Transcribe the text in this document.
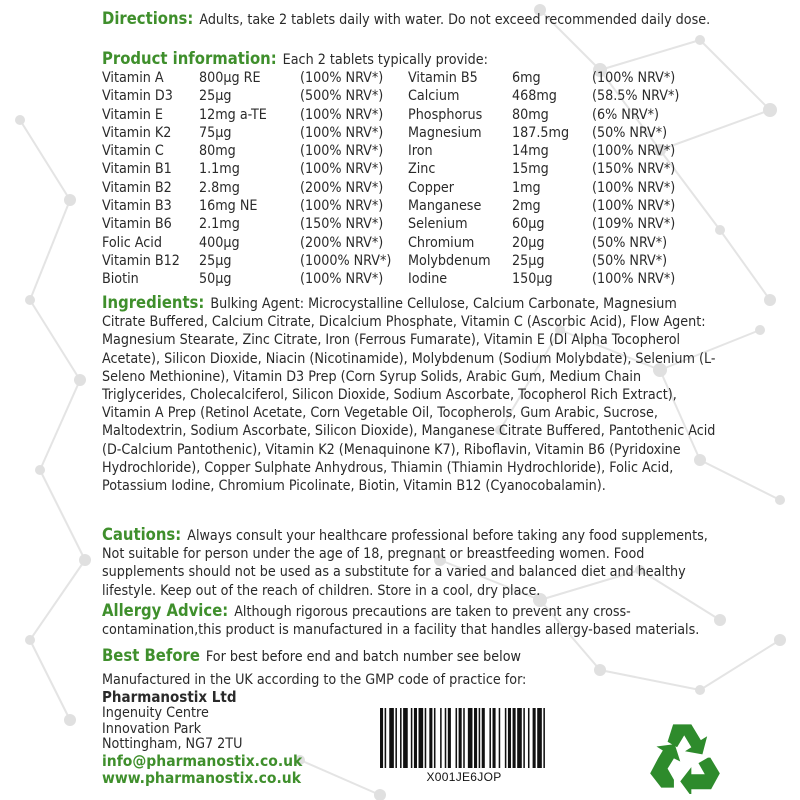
Directions: Adults, take 2 tablets daily with water. Do not exceed recommended daily dose.
Product information: Each 2 tablets typically provide:
Vitamin A 800µg RE	(100% NRV*)
Vitamin D3 25µg	(500% NRV*)
Vitamin E	12mg a-TE (100% NRV*)
Vitamin K2 75µg	(100% NRV*)
Vitamin C 80mg	(100% NRV*)
Vitamin B1 1.1mg	(100% NRV*)
Vitamin B2 2.8mg	(200% NRV*)
Vitamin B3 16mg NE	(100% NRV*)
Vitamin B6 2.1mg	(150% NRV*)
Folic Acid	400µg	(200% NRV*)
Vitamin B12 25µg	(1000% NRV*)
Biotin	50µg	(100% NRV*)
Vitamin B5 6mg	(100% NRV*)
Calcium	468mg (58.5% NRV*)
Phosphorus 80mg	(6% NRV*)
Magnesium 187.5mg (50% NRV*)
Iron	14mg	(100% NRV*)
Zinc	15mg	(150% NRV*)
Copper	1mg	(100% NRV*)
Manganese 2mg	(100% NRV*)
Selenium	60µg	(109% NRV*)
Chromium	20µg	(50% NRV*)
Molybdenum 25µg	(50% NRV*)
Iodine	150µg	(100% NRV*)
Ingredients: Bulking Agent: Microcystalline Cellulose, Calcium Carbonate, Magnesium Citrate Buffered, Calcium Citrate, Dicalcium Phosphate, Vitamin C (Ascorbic Acid), Flow Agent: Magnesium Stearate, Zinc Citrate, Iron (Ferrous Fumarate), Vitamin E (Dl Alpha Tocopherol Acetate), Silicon Dioxide, Niacin (Nicotinamide), Molybdenum (Sodium Molybdate), Selenium (L-Seleno Methionine), Vitamin D3 Prep (Corn Syrup Solids, Arabic Gum, Medium Chain Triglycerides, Cholecalciferol, Silicon Dioxide, Sodium Ascorbate, Tocopherol Rich Extract), Vitamin A Prep (Retinol Acetate, Corn Vegetable Oil, Tocopherols, Gum Arabic, Sucrose, Maltodextrin, Sodium Ascorbate, Silicon Dioxide), Manganese Citrate Buffered, Pantothenic Acid (D-Calcium Pantothenic), Vitamin K2 (Menaquinone K7), Riboflavin, Vitamin B6 (Pyridoxine Hydrochloride), Copper Sulphate Anhydrous, Thiamin (Thiamin Hydrochloride), Folic Acid, Potassium Iodine, Chromium Picolinate, Biotin, Vitamin B12 (Cyanocobalamin).
Cautions: Always consult your healthcare professional before taking any food supplements, Not suitable for person under the age of 18, pregnant or breastfeeding women. Food supplements should not be used as a substitute for a varied and balanced diet and healthy lifestyle. Keep out of the reach of children. Store in a cool, dry place.
Allergy Advice: Although rigorous precautions are taken to prevent any cross-contamination,this product is manufactured in a facility that handles allergy-based materials.
Best Before For best before end and batch number see below
Manufactured in the UK according to the GMP code of practice for:
Pharmanostix Ltd
Ingenuity Centre
Innovation Park
Nottingham, NG7 2TU
info@pharmanostix.co.uk
www.pharmanostix.co.uk	X001JE6JOP
